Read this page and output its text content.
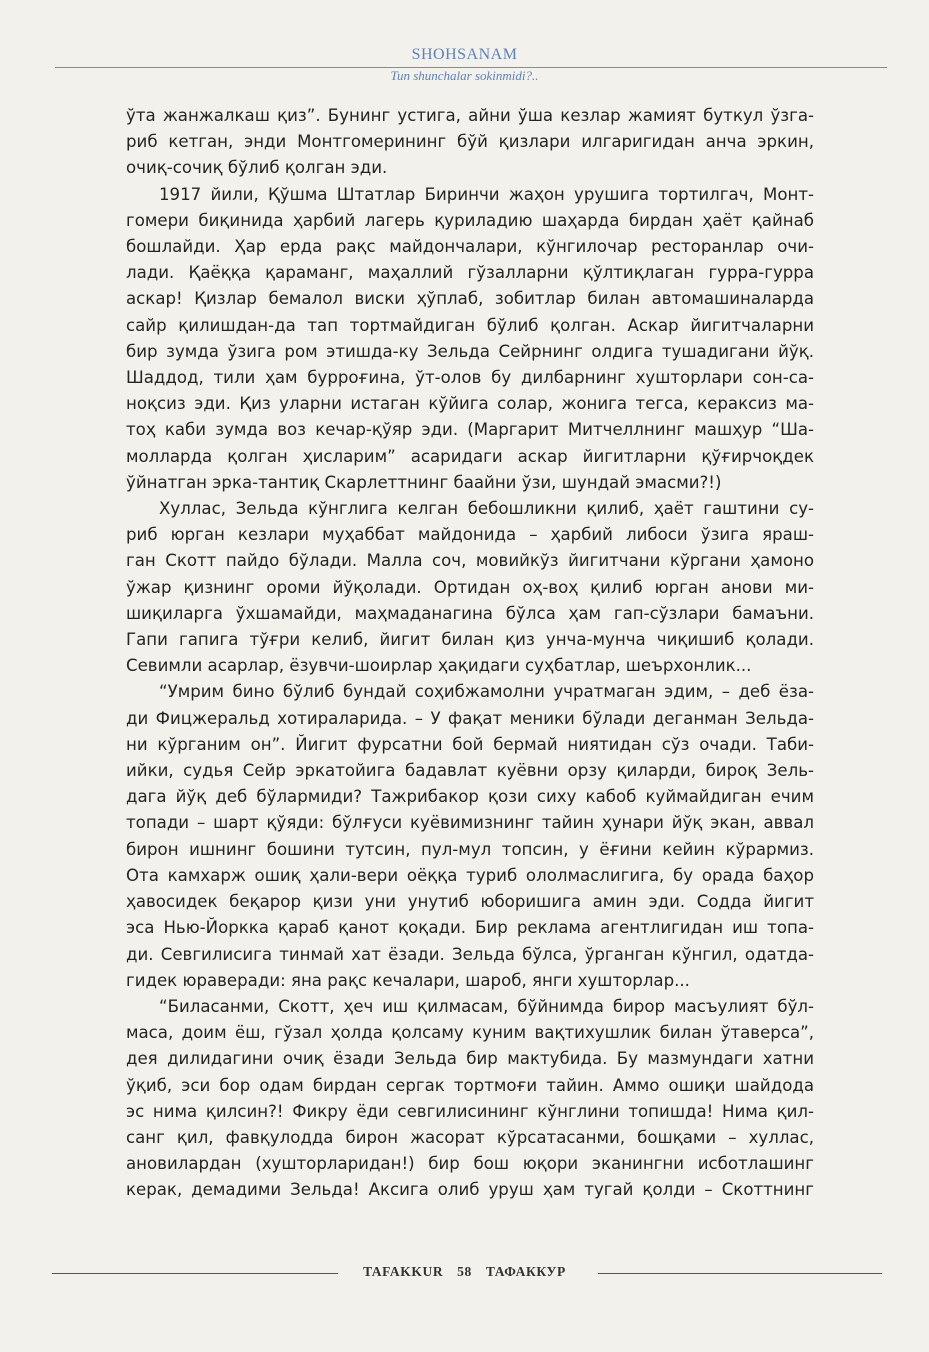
SHOHSANAM
Tun shunchalar sokinmidi?..

ўта жанжалкаш қиз”. Бунинг устига, айни ўша кезлар жамият буткул ўзга-

риб кетган, энди Монтгомерининг бўй қизлари илгаригидан анча эркин,

очиқ-сочиқ бўлиб қолган эди.

1917 йили, Қўшма Штатлар Биринчи жаҳон урушига тортилгач, Монт-

гомери биқинида ҳарбий лагерь қуриладию шаҳарда бирдан ҳаёт қайнаб

бошлайди. Ҳар ерда рақс майдончалари, кўнгилочар ресторанлар очи-

лади. Қаёққа қараманг, маҳаллий гўзалларни қўлтиқлаган гурра-гурра

аскар! Қизлар бемалол виски ҳўплаб, зобитлар билан автомашиналарда

сайр қилишдан-да тап тортмайдиган бўлиб қолган. Аскар йигитчаларни

бир зумда ўзига ром этишда-ку Зельда Сейрнинг олдига тушадигани йўқ.

Шаддод, тили ҳам бурроғина, ўт-олов бу дилбарнинг хушторлари сон-са-

ноқсиз эди. Қиз уларни истаган кўйига солар, жонига тегса, кераксиз ма-

тоҳ каби зумда воз кечар-қўяр эди. (Маргарит Митчеллнинг машҳур “Ша-

молларда қолган ҳисларим” асаридаги аскар йигитларни қўғирчоқдек

ўйнатган эрка-тантиқ Скарлеттнинг баайни ўзи, шундай эмасми?!)

Хуллас, Зельда кўнглига келган бебошликни қилиб, ҳаёт гаштини су-

риб юрган кезлари муҳаббат майдонида – ҳарбий либоси ўзига яраш-

ган Скотт пайдо бўлади. Малла соч, мовийкўз йигитчани кўргани ҳамоно

ўжар қизнинг ороми йўқолади. Ортидан оҳ-воҳ қилиб юрган анови ми-

шиқиларга ўхшамайди, маҳмаданагина бўлса ҳам гап-сўзлари бамаъни.

Гапи гапига тўғри келиб, йигит билан қиз унча-мунча чиқишиб қолади.

Севимли асарлар, ёзувчи-шоирлар ҳақидаги суҳбатлар, шеърхонлик...

“Умрим бино бўлиб бундай соҳибжамолни учратмаган эдим, – деб ёза-

ди Фицжеральд хотираларида. – У фақат меники бўлади деганман Зельда-

ни кўрганим он”. Йигит фурсатни бой бермай ниятидан сўз очади. Таби-

ийки, судья Сейр эркатойига бадавлат куёвни орзу қиларди, бироқ Зель-

дага йўқ деб бўлармиди? Тажрибакор қози сиху кабоб куймайдиган ечим

топади – шарт қўяди: бўлғуси куёвимизнинг тайин ҳунари йўқ экан, аввал

бирон ишнинг бошини тутсин, пул-мул топсин, у ёғини кейин кўрармиз.

Ота камхарж ошиқ ҳали-вери оёққа туриб ололмаслигига, бу орада баҳор

ҳавосидек беқарор қизи уни унутиб юборишига амин эди. Содда йигит

эса Нью-Йоркка қараб қанот қоқади. Бир реклама агентлигидан иш топа-

ди. Севгилисига тинмай хат ёзади. Зельда бўлса, ўрганган кўнгил, одатда-

гидек юраверади: яна рақс кечалари, шароб, янги хушторлар...

“Биласанми, Скотт, ҳеч иш қилмасам, бўйнимда бирор масъулият бўл-

маса, доим ёш, гўзал ҳолда қолсаму куним вақтихушлик билан ўтаверса”,

дея дилидагини очиқ ёзади Зельда бир мактубида. Бу мазмундаги хатни

ўқиб, эси бор одам бирдан сергак тортмоғи тайин. Аммо ошиқи шайдода

эс нима қилсин?! Фикру ёди севгилисининг кўнглини топишда! Нима қил-

санг қил, фавқулодда бирон жасорат кўрсатасанми, бошқами – хуллас,

ановилардан (хушторларидан!) бир бош юқори эканингни исботлашинг

керак, демадими Зельда! Аксига олиб уруш ҳам тугай қолди – Скоттнинг

TAFAKKUR 58 ТАФАККУР
